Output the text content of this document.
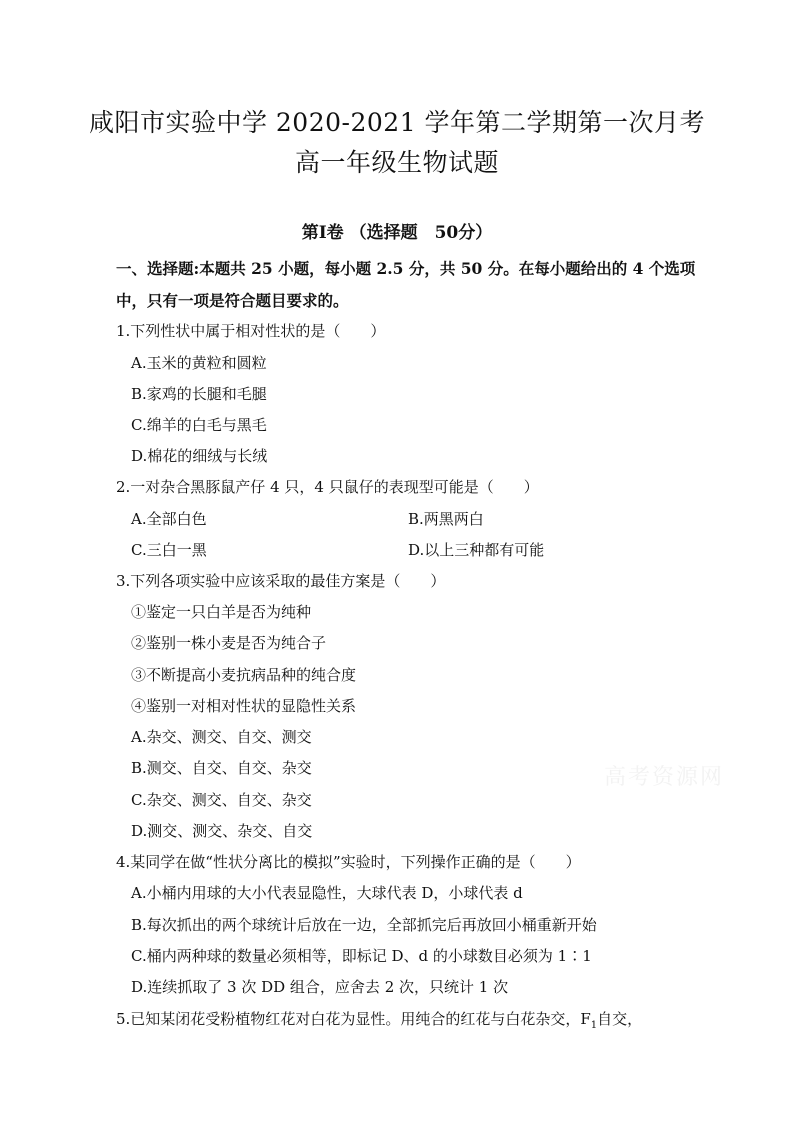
咸阳市实验中学 2020-2021 学年第二学期第一次月考
高一年级生物试题
第Ⅰ卷 （选择题　50分）
一、选择题:本题共 25 小题，每小题 2.5 分，共 50 分。在每小题给出的 4 个选项
中，只有一项是符合题目要求的。
1.下列性状中属于相对性状的是（　　）
A.玉米的黄粒和圆粒
B.家鸡的长腿和毛腿
C.绵羊的白毛与黑毛
D.棉花的细绒与长绒
2.一对杂合黑豚鼠产仔 4 只，4 只鼠仔的表现型可能是（　　）
A.全部白色	B.两黑两白
C.三白一黑	D.以上三种都有可能
3.下列各项实验中应该采取的最佳方案是（　　）
①鉴定一只白羊是否为纯种
②鉴别一株小麦是否为纯合子
③不断提高小麦抗病品种的纯合度
④鉴别一对相对性状的显隐性关系
A.杂交、测交、自交、测交
B.测交、自交、自交、杂交
C.杂交、测交、自交、杂交
D.测交、测交、杂交、自交
4.某同学在做“性状分离比的模拟”实验时，下列操作正确的是（　　）
A.小桶内用球的大小代表显隐性，大球代表 D，小球代表 d
B.每次抓出的两个球统计后放在一边，全部抓完后再放回小桶重新开始
C.桶内两种球的数量必须相等，即标记 D、d 的小球数目必须为 1∶1
D.连续抓取了 3 次 DD 组合，应舍去 2 次，只统计 1 次
5.已知某闭花受粉植物红花对白花为显性。用纯合的红花与白花杂交，$F_1$自交，
高考资源网
